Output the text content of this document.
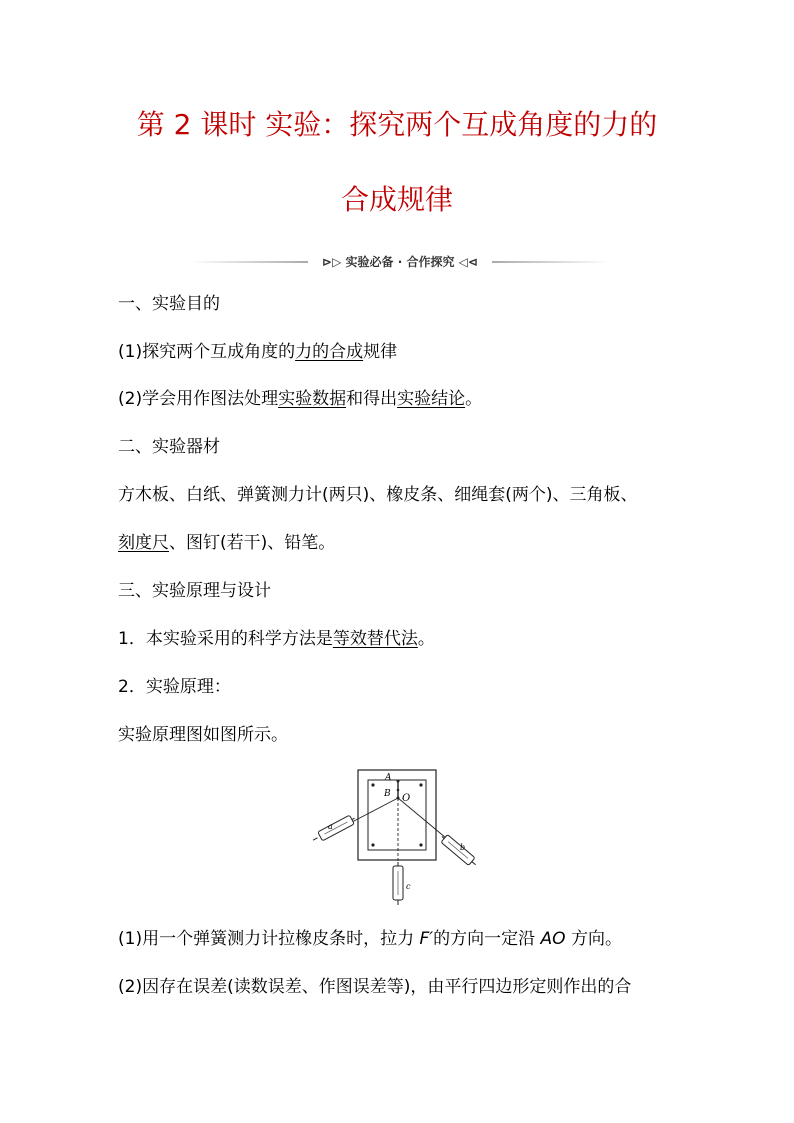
第 2 课时 实验：探究两个互成角度的力的
合成规律
⊳▷ 实验必备 · 合作探究 ◁⊲
一、实验目的
(1)探究两个互成角度的力的合成规律
(2)学会用作图法处理实验数据和得出实验结论。
二、实验器材
方木板、白纸、弹簧测力计(两只)、橡皮条、细绳套(两个)、三角板、
刻度尺、图钉(若干)、铅笔。
三、实验原理与设计
1．本实验采用的科学方法是等效替代法。
2．实验原理：
实验原理图如图所示。
A
B O
a
b
c
(1)用一个弹簧测力计拉橡皮条时，拉力 F′的方向一定沿 AO 方向。
(2)因存在误差(读数误差、作图误差等)，由平行四边形定则作出的合
